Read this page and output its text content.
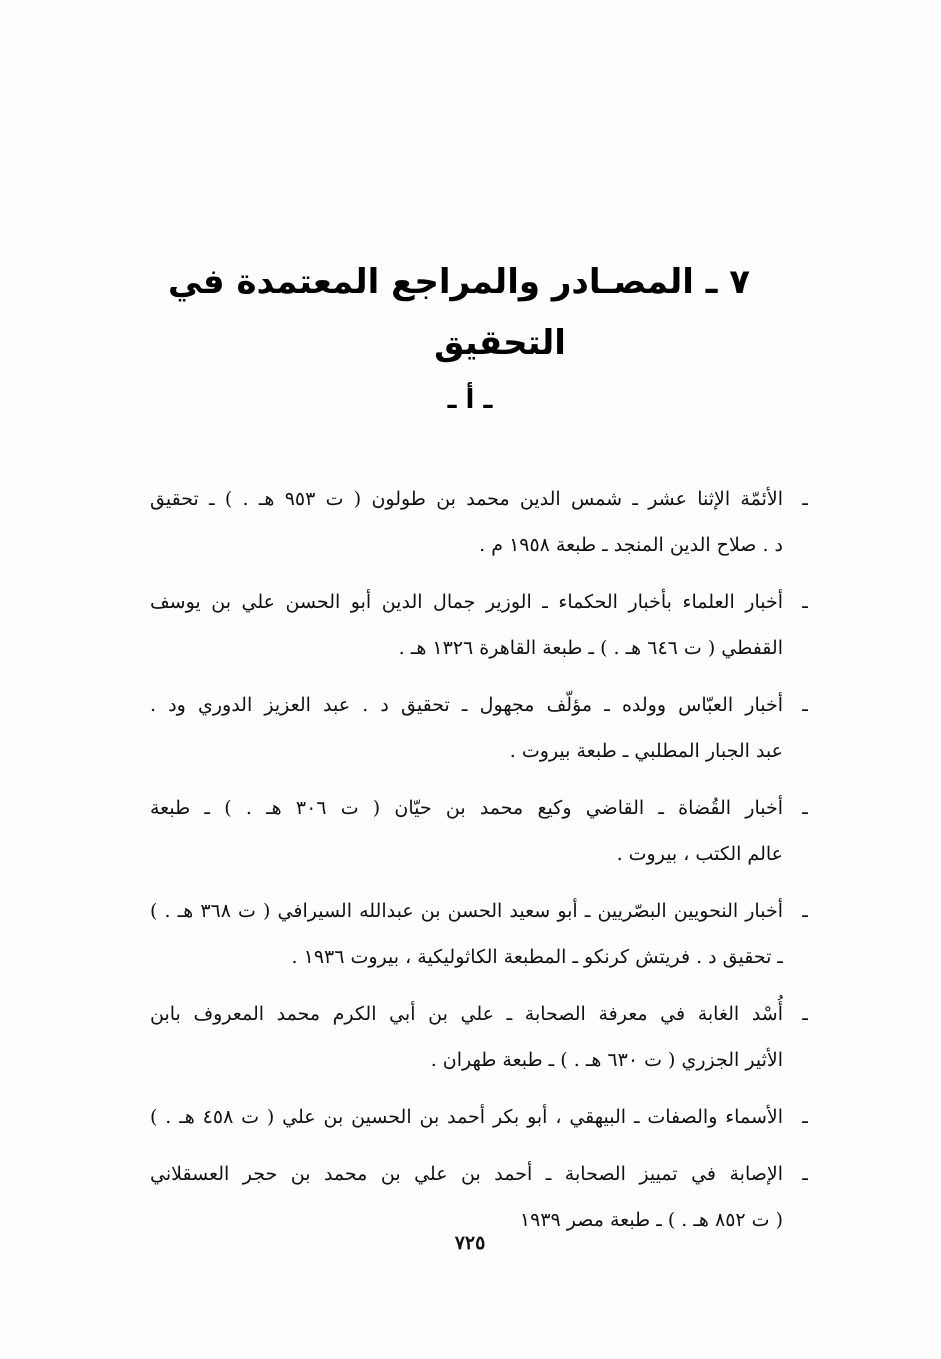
٧ ـ المصـادر والمراجع المعتمدة في
التحقيق
ـ أ ـ
ـ
الأئمّة الإثنا عشر ـ شمس الدين محمد بن طولون ( ت ٩٥٣ هـ . ) ـ تحقيق
د . صلاح الدين المنجد ـ طبعة ١٩٥٨ م .
ـ
أخبار العلماء بأخبار الحكماء ـ الوزير جمال الدين أبو الحسن علي بن يوسف
القفطي ( ت ٦٤٦ هـ . ) ـ طبعة القاهرة ١٣٢٦ هـ .
ـ
أخبار العبّاس وولده ـ مؤلّف مجهول ـ تحقيق د . عبد العزيز الدوري ود .
عبد الجبار المطلبي ـ طبعة بيروت .
ـ
أخبار القُضاة ـ القاضي وكيع محمد بن حيّان ( ت ٣٠٦ هـ . ) ـ طبعة
عالم الكتب ، بيروت .
ـ
أخبار النحويين البصّريين ـ أبو سعيد الحسن بن عبدالله السيرافي ( ت ٣٦٨ هـ . )
ـ تحقيق د . فريتش كرنكو ـ المطبعة الكاثوليكية ، بيروت ١٩٣٦ .
ـ
أُسْد الغابة في معرفة الصحابة ـ علي بن أبي الكرم محمد المعروف بابن
الأثير الجزري ( ت ٦٣٠ هـ . ) ـ طبعة طهران .
ـ
الأسماء والصفات ـ البيهقي ، أبو بكر أحمد بن الحسين بن علي ( ت ٤٥٨ هـ . )
ـ
الإصابة في تمييز الصحابة ـ أحمد بن علي بن محمد بن حجر العسقلاني
( ت ٨٥٢ هـ . ) ـ طبعة مصر ١٩٣٩
٧٢٥
